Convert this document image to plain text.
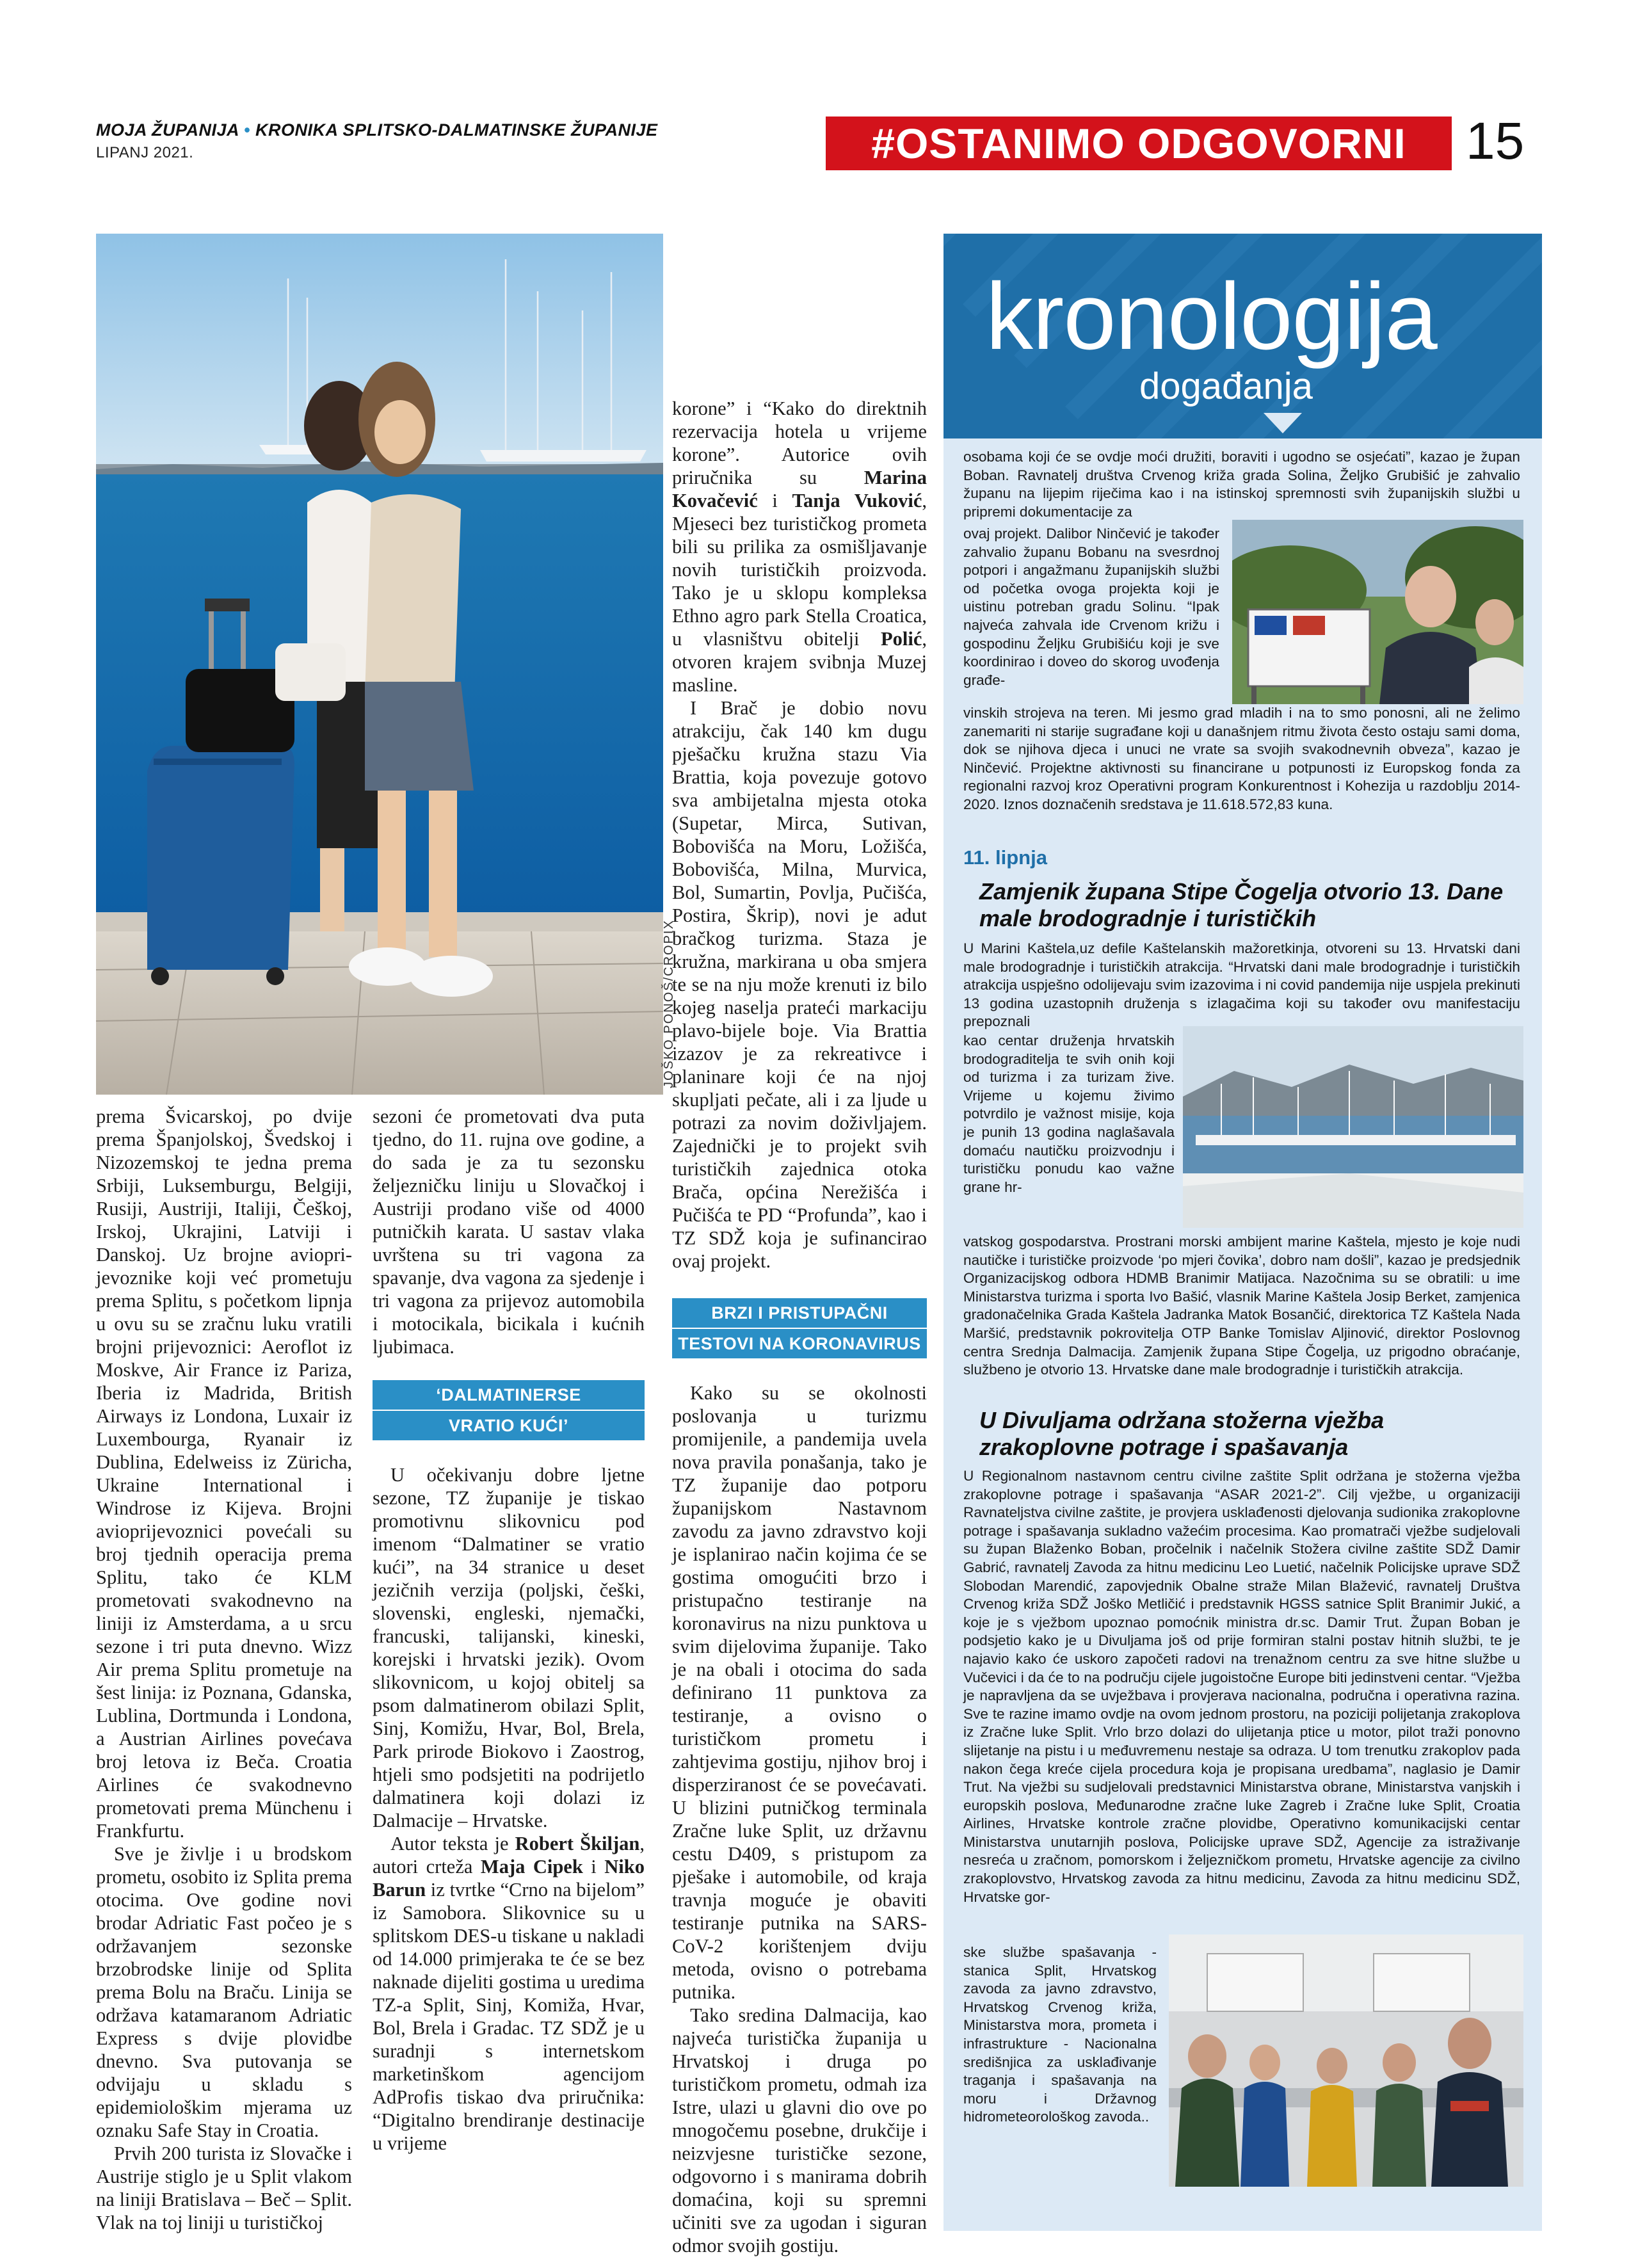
MOJA ŽUPANIJA • KRONIKA SPLITSKO-DALMATINSKE ŽUPANIJE
LIPANJ 2021.	#OSTANIMO ODGOVORNI	15
JOŠKO PONOŠ/CROPIX

prema Švicarskoj, po dvije prema Španjolskoj, Švedskoj i Nizozemskoj te jedna prema Srbiji, Luksemburgu, Belgiji, Rusiji, Austriji, Italiji, Češkoj, Irskoj, Ukrajini, Latviji i Danskoj. Uz brojne avioprijevoznike koji već prometuju prema Splitu, s početkom lipnja u ovu su se zračnu luku vratili brojni prijevoznici: Aeroflot iz Moskve, Air France iz Pariza, Iberia iz Madrida, British Airways iz Londona, Luxair iz Luxembourga, Ryanair iz Dublina, Edelweiss iz Züricha, Ukraine International i Windrose iz Kijeva. Brojni avioprijevoznici povećali su broj tjednih operacija prema Splitu, tako će KLM prometovati svakodnevno na liniji iz Amsterdama, a u srcu sezone i tri puta dnevno. Wizz Air prema Splitu prometuje na šest linija: iz Poznana, Gdanska, Lublina, Dortmunda i Londona, a Austrian Airlines povećava broj letova iz Beča. Croatia Airlines će svakodnevno prometovati prema Münchenu i Frankfurtu.

Sve je življe i u brodskom prometu, osobito iz Splita prema otocima. Ove godine novi brodar Adriatic Fast počeo je s održavanjem sezonske brzobrodske linije od Splita prema Bolu na Braču. Linija se održava katamaranom Adriatic Express s dvije plovidbe dnevno. Sva putovanja se odvijaju u skladu s epidemiološkim mjerama uz oznaku Safe Stay in Croatia.

Prvih 200 turista iz Slovačke i Austrije stiglo je u Split vlakom na liniji Bratislava – Beč – Split. Vlak na toj liniji u turističkoj

sezoni će prometovati dva puta tjedno, do 11. rujna ove godine, a do sada je za tu sezonsku željezničku liniju u Slovačkoj i Austriji prodano više od 4000 putničkih karata. U sastav vlaka uvrštena su tri vagona za spavanje, dva vagona za sjedenje i tri vagona za prijevoz automobila i motocikala, bicikala i kućnih ljubimaca.

‘DALMATINERSE
VRATIO KUĆI’

U očekivanju dobre ljetne sezone, TZ županije je tiskao promotivnu slikovnicu pod imenom “Dalmatiner se vratio kući”, na 34 stranice u deset jezičnih verzija (poljski, češki, slovenski, engleski, njemački, francuski, talijanski, kineski, korejski i hrvatski jezik). Ovom slikovnicom, u kojoj obitelj sa psom dalmatinerom obilazi Split, Sinj, Komižu, Hvar, Bol, Brela, Park prirode Biokovo i Zaostrog, htjeli smo podsjetiti na podrijetlo dalmatinera koji dolazi iz Dalmacije – Hrvatske.

Autor teksta je Robert Škiljan, autori crteža Maja Cipek i Niko Barun iz tvrtke “Crno na bijelom” iz Samobora. Slikovnice su u splitskom DES-u tiskane u nakladi od 14.000 primjeraka te će se bez naknade dijeliti gostima u uredima TZ-a Split, Sinj, Komiža, Hvar, Bol, Brela i Gradac. TZ SDŽ je u suradnji s internetskom marketinškom agencijom AdProfis tiskao dva priručnika: “Digitalno brendiranje destinacije u vrijeme

korone” i “Kako do direktnih rezervacija hotela u vrijeme korone”. Autorice ovih priručnika su Marina Kovačević i Tanja Vuković, Mjeseci bez turističkog prometa bili su prilika za osmišljavanje novih turističkih proizvoda. Tako je u sklopu kompleksa Ethno agro park Stella Croatica, u vlasništvu obitelji Polić, otvoren krajem svibnja Muzej masline.

I Brač je dobio novu atrakciju, čak 140 km dugu pješačku kružna stazu Via Brattia, koja povezuje gotovo sva ambijetalna mjesta otoka (Supetar, Mirca, Sutivan, Bobovišća na Moru, Ložišća, Bobovišća, Milna, Murvica, Bol, Sumartin, Povlja, Pučišća, Postira, Škrip), novi je adut bračkog turizma. Staza je kružna, markirana u oba smjera te se na nju može krenuti iz bilo kojeg naselja prateći markaciju plavo-bijele boje. Via Brattia izazov je za rekreativce i planinare koji će na njoj skupljati pečate, ali i za ljude u potrazi za novim doživljajem. Zajednički je to projekt svih turističkih zajednica otoka Brača, općina Nerežišća i Pučišća te PD “Profunda”, kao i TZ SDŽ koja je sufinancirao ovaj projekt.

BRZI I PRISTUPAČNI
TESTOVI NA KORONAVIRUS

Kako su se okolnosti poslovanja u turizmu promijenile, a pandemija uvela nova pravila ponašanja, tako je TZ županije dao potporu županijskom Nastavnom zavodu za javno zdravstvo koji je isplanirao način kojima će se gostima omogućiti brzo i pristupačno testiranje na koronavirus na nizu punktova u svim dijelovima županije. Tako je na obali i otocima do sada definirano 11 punktova za testiranje, a ovisno o turističkom prometu i zahtjevima gostiju, njihov broj i disperziranost će se povećavati. U blizini putničkog terminala Zračne luke Split, uz državnu cestu D409, s pristupom za pješake i automobile, od kraja travnja moguće je obaviti testiranje putnika na SARS-CoV-2 korištenjem dviju metoda, ovisno o potrebama putnika.

Tako sredina Dalmacija, kao najveća turistička županija u Hrvatskoj i druga po turističkom prometu, odmah iza Istre, ulazi u glavni dio ove po mnogočemu posebne, drukčije i neizvjesne turističke sezone, odgovorno i s manirama dobrih domaćina, koji su spremni učiniti sve za ugodan i siguran odmor svojih gostiju.

kronologija
događanja
osobama koji će se ovdje moći družiti, boraviti i ugodno se osjećati”, kazao je župan Boban. Ravnatelj društva Crvenog križa grada Solina, Željko Grubišić je zahvalio županu na lijepim riječima kao i na istinskoj spremnosti svih županijskih službi u pripremi dokumentacije za
ovaj projekt. Dalibor Ninčević je također zahvalio županu Bobanu na svesrdnoj potpori i angažmanu županijskih službi od početka ovoga projekta koji je uistinu potreban gradu Solinu. “Ipak najveća zahvala ide Crvenom križu i gospodinu Željku Grubišiću koji je sve koordinirao i doveo do skorog uvođenja građe-
vinskih strojeva na teren. Mi jesmo grad mladih i na to smo ponosni, ali ne želimo zanemariti ni starije sugrađane koji u današnjem ritmu života često ostaju sami doma, dok se njihova djeca i unuci ne vrate sa svojih svakodnevnih obveza”, kazao je Ninčević. Projektne aktivnosti su financirane u potpunosti iz Europskog fonda za regionalni razvoj kroz Operativni program Konkurentnost i Kohezija u razdoblju 2014-2020. Iznos doznačenih sredstava je 11.618.572,83 kuna.
11. lipnja
Zamjenik župana Stipe Čogelja otvorio 13. Dane male brodogradnje i turističkih
U Marini Kaštela,uz defile Kaštelanskih mažoretkinja, otvoreni su 13. Hrvatski dani male brodogradnje i turističkih atrakcija. “Hrvatski dani male brodogradnje i turističkih atrakcija uspješno odolijevaju svim izazovima i ni covid pandemija nije uspjela prekinuti 13 godina uzastopnih druženja s izlagačima koji su također ovu manifestaciju prepoznali
kao centar druženja hrvatskih brodograditelja te svih onih koji od turizma i za turizam žive. Vrijeme u kojemu živimo potvrdilo je važnost misije, koja je punih 13 godina naglašavala domaću nautičku proizvodnju i turističku ponudu kao važne grane hr-
vatskog gospodarstva. Prostrani morski ambijent marine Kaštela, mjesto je koje nudi nautičke i turističke proizvode ‘po mjeri čovika’, dobro nam došli”, kazao je predsjednik Organizacijskog odbora HDMB Branimir Matijaca. Nazočnima su se obratili: u ime Ministarstva turizma i sporta Ivo Bašić, vlasnik Marine Kaštela Josip Berket, zamjenica gradonačelnika Grada Kaštela Jadranka Matok Bosančić, direktorica TZ Kaštela Nada Maršić, predstavnik pokrovitelja OTP Banke Tomislav Aljinović, direktor Poslovnog centra Srednja Dalmacija. Zamjenik župana Stipe Čogelja, uz prigodno obraćanje, službeno je otvorio 13. Hrvatske dane male brodogradnje i turističkih atrakcija.
U Divuljama održana stožerna vježba zrakoplovne potrage i spašavanja
U Regionalnom nastavnom centru civilne zaštite Split održana je stožerna vježba zrakoplovne potrage i spašavanja “ASAR 2021-2”. Cilj vježbe, u organizaciji Ravnateljstva civilne zaštite, je provjera usklađenosti djelovanja sudionika zrakoplovne potrage i spašavanja sukladno važećim procesima. Kao promatrači vježbe sudjelovali su župan Blaženko Boban, pročelnik i načelnik Stožera civilne zaštite SDŽ Damir Gabrić, ravnatelj Zavoda za hitnu medicinu Leo Luetić, načelnik Policijske uprave SDŽ Slobodan Marendić, zapovjednik Obalne straže Milan Blažević, ravnatelj Društva Crvenog križa SDŽ Joško Metličić i predstavnik HGSS satnice Split Branimir Jukić, a koje je s vježbom upoznao pomoćnik ministra dr.sc. Damir Trut. Župan Boban je podsjetio kako je u Divuljama još od prije formiran stalni postav hitnih službi, te je najavio kako će uskoro započeti radovi na trenažnom centru za sve hitne službe u Vučevici i da će to na području cijele jugoistočne Europe biti jedinstveni centar. “Vježba je napravljena da se uvježbava i provjerava nacionalna, područna i operativna razina. Sve te razine imamo ovdje na ovom jednom prostoru, na poziciji polijetanja zrakoplova iz Zračne luke Split. Vrlo brzo dolazi do ulijetanja ptice u motor, pilot traži ponovno slijetanje na pistu i u međuvremenu nestaje sa odraza. U tom trenutku zrakoplov pada nakon čega kreće cijela procedura koja je propisana uredbama”, naglasio je Damir Trut. Na vježbi su sudjelovali predstavnici Ministarstva obrane, Ministarstva vanjskih i europskih poslova, Međunarodne zračne luke Zagreb i Zračne luke Split, Croatia Airlines, Hrvatske kontrole zračne plovidbe, Operativno komunikacijski centar Ministarstva unutarnjih poslova, Policijske uprave SDŽ, Agencije za istraživanje nesreća u zračnom, pomorskom i željezničkom prometu, Hrvatske agencije za civilno zrakoplovstvo, Hrvatskog zavoda za hitnu medicinu, Zavoda za hitnu medicinu SDŽ, Hrvatske gor-
ske službe spašavanja - stanica Split, Hrvatskog zavoda za javno zdravstvo, Hrvatskog Crvenog križa, Ministarstva mora, prometa i infrastrukture - Nacionalna središnjica za usklađivanje traganja i spašavanja na moru i Državnog hidrometeorološkog zavoda..
